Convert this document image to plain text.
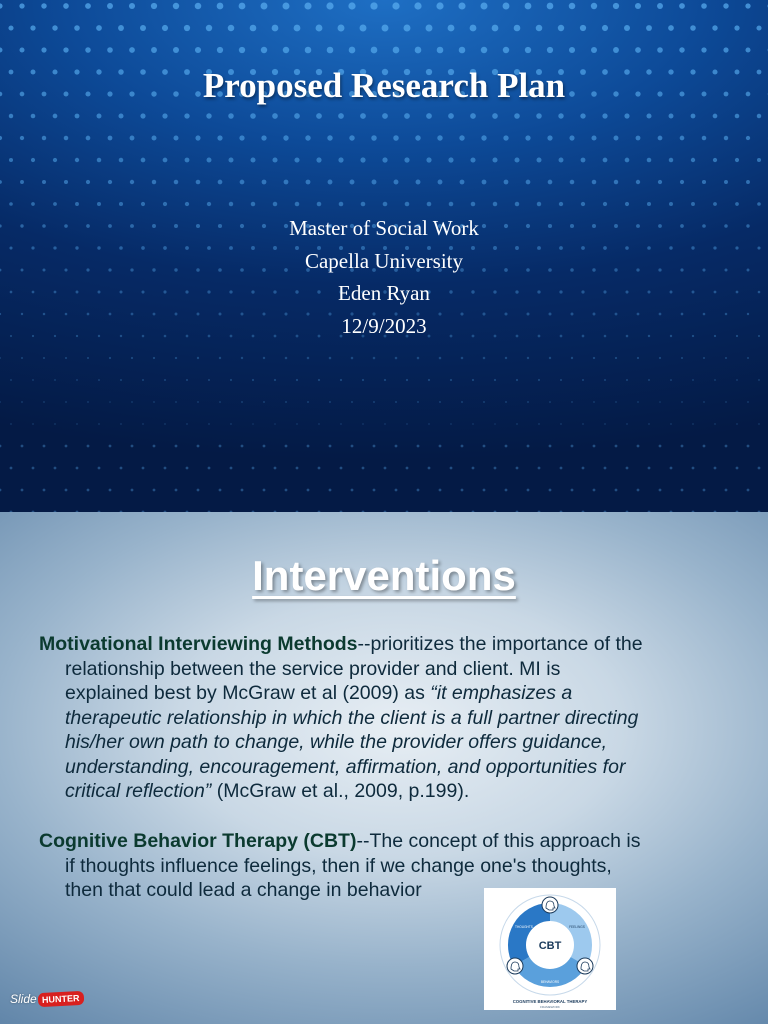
Proposed Research Plan
Master of Social Work
Capella University
Eden Ryan
12/9/2023
Interventions
Motivational Interviewing Methods--prioritizes the importance of the
relationship between the service provider and client. MI is
explained best by McGraw et al (2009) as “it emphasizes a
therapeutic relationship in which the client is a full partner directing
his/her own path to change, while the provider offers guidance,
understanding, encouragement, affirmation, and opportunities for
critical reflection” (McGraw et al., 2009, p.199).
Cognitive Behavior Therapy (CBT)--The concept of this approach is
if thoughts influence feelings, then if we change one's thoughts,
then that could lead a change in behavior
CBT
THOUGHTS	FEELINGS
BEHAVIORS
COGNITIVE BEHAVIORAL THERAPY
FRAMEWORK
Slide HUNTER
